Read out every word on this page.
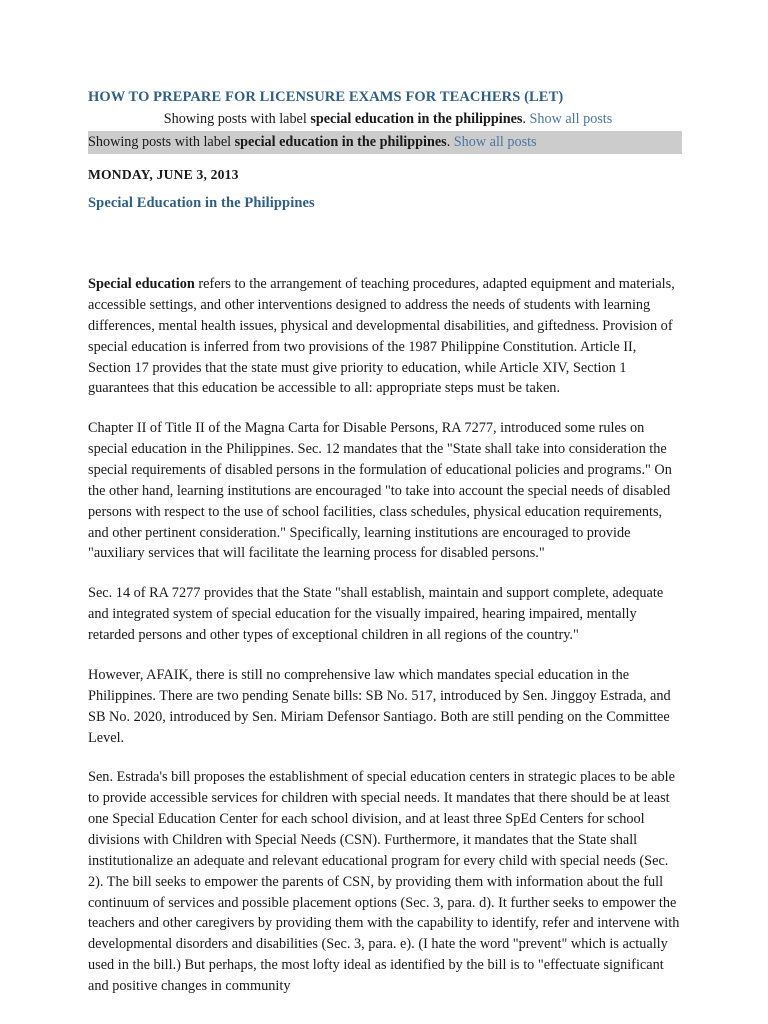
HOW TO PREPARE FOR LICENSURE EXAMS FOR TEACHERS (LET)

Showing posts with label special education in the philippines. Show all posts

Showing posts with label special education in the philippines. Show all posts

MONDAY, JUNE 3, 2013
Special Education in the Philippines

Special education refers to the arrangement of teaching procedures, adapted equipment and materials, accessible settings, and other interventions designed to address the needs of students with learning differences, mental health issues, physical and developmental disabilities, and giftedness. Provision of special education is inferred from two provisions of the 1987 Philippine Constitution. Article II, Section 17 provides that the state must give priority to education, while Article XIV, Section 1 guarantees that this education be accessible to all: appropriate steps must be taken.

Chapter II of Title II of the Magna Carta for Disable Persons, RA 7277, introduced some rules on special education in the Philippines. Sec. 12 mandates that the "State shall take into consideration the special requirements of disabled persons in the formulation of educational policies and programs." On the other hand, learning institutions are encouraged "to take into account the special needs of disabled persons with respect to the use of school facilities, class schedules, physical education requirements, and other pertinent consideration." Specifically, learning institutions are encouraged to provide "auxiliary services that will facilitate the learning process for disabled persons."

Sec. 14 of RA 7277 provides that the State "shall establish, maintain and support complete, adequate and integrated system of special education for the visually impaired, hearing impaired, mentally retarded persons and other types of exceptional children in all regions of the country."

However, AFAIK, there is still no comprehensive law which mandates special education in the Philippines. There are two pending Senate bills: SB No. 517, introduced by Sen. Jinggoy Estrada, and SB No. 2020, introduced by Sen. Miriam Defensor Santiago. Both are still pending on the Committee Level.

Sen. Estrada's bill proposes the establishment of special education centers in strategic places to be able to provide accessible services for children with special needs. It mandates that there should be at least one Special Education Center for each school division, and at least three SpEd Centers for school divisions with Children with Special Needs (CSN). Furthermore, it mandates that the State shall institutionalize an adequate and relevant educational program for every child with special needs (Sec. 2). The bill seeks to empower the parents of CSN, by providing them with information about the full continuum of services and possible placement options (Sec. 3, para. d). It further seeks to empower the teachers and other caregivers by providing them with the capability to identify, refer and intervene with developmental disorders and disabilities (Sec. 3, para. e). (I hate the word "prevent" which is actually used in the bill.) But perhaps, the most lofty ideal as identified by the bill is to "effectuate significant and positive changes in community
